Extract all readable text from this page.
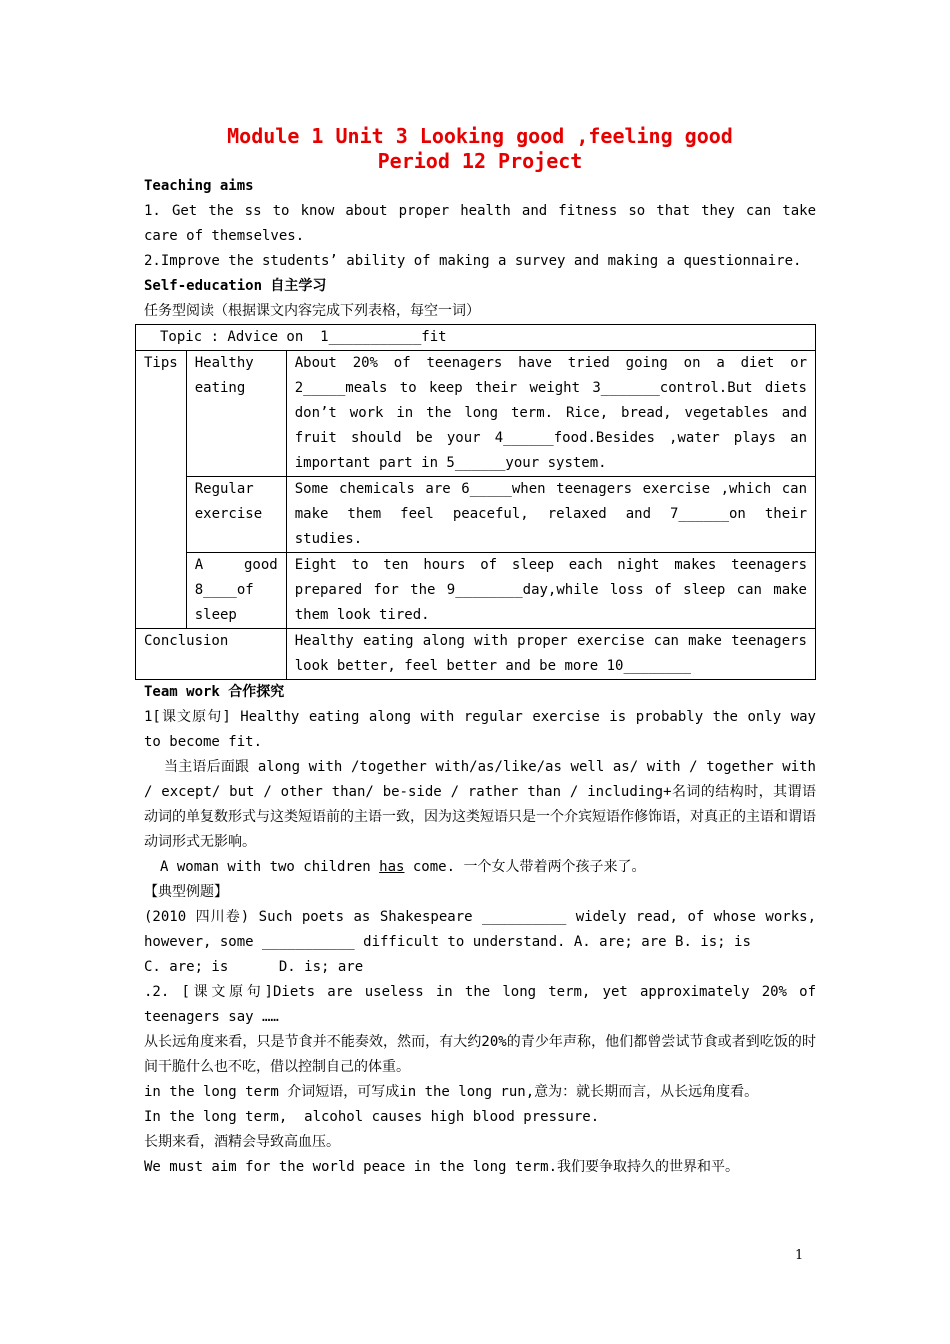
Module 1 Unit 3 Looking good ,feeling good
Period 12 Project
Teaching aims
1. Get the ss to know about proper health and fitness so that they can take care of themselves.
2.Improve the students’ ability of making a survey and making a questionnaire.
Self-education 自主学习
任务型阅读（根据课文内容完成下列表格，每空一词）
Topic : Advice on  1___________fit		
Tips	Healthy eating	About 20% of teenagers have tried going on a diet or 2_____meals to keep their weight 3_______control.But diets don’t work in the long term. Rice, bread, vegetables and fruit should be your 4______food.Besides ,water plays an important part in 5______your system.
	Regular exercise	Some chemicals are 6_____when teenagers exercise ,which can make them feel peaceful, relaxed and 7______on their studies.
	A good 8____of sleep	Eight to ten hours of sleep each night makes teenagers prepared for the 9________day,while loss of sleep can make them look tired.
Conclusion		Healthy eating along with proper exercise can make teenagers look better, feel better and be more 10________
Team work 合作探究
1[课文原句] Healthy eating along with regular exercise is probably the only way to become fit.
当主语后面跟 along with /together with/as/like/as well as/ with / together with / except/ but / other than/ be-side / rather than / including+名词的结构时，其谓语动词的单复数形式与这类短语前的主语一致，因为这类短语只是一个介宾短语作修饰语，对真正的主语和谓语动词形式无影响。
A woman with two children has come. 一个女人带着两个孩子来了。
【典型例题】
(2010 四川卷) Such poets as Shakespeare __________ widely read, of whose works, however, some ___________ difficult to understand. A. are; are B. is; is
C. are; is      D. is; are
.2. [课文原句]Diets are useless in the long term, yet approximately 20% of teenagers say ……
从长远角度来看，只是节食并不能奏效，然而，有大约20%的青少年声称，他们都曾尝试节食或者到吃饭的时间干脆什么也不吃，借以控制自己的体重。
in the long term 介词短语，可写成in the long run,意为：就长期而言，从长远角度看。
In the long term,  alcohol causes high blood pressure.
长期来看，酒精会导致高血压。
We must aim for the world peace in the long term.我们要争取持久的世界和平。
1
